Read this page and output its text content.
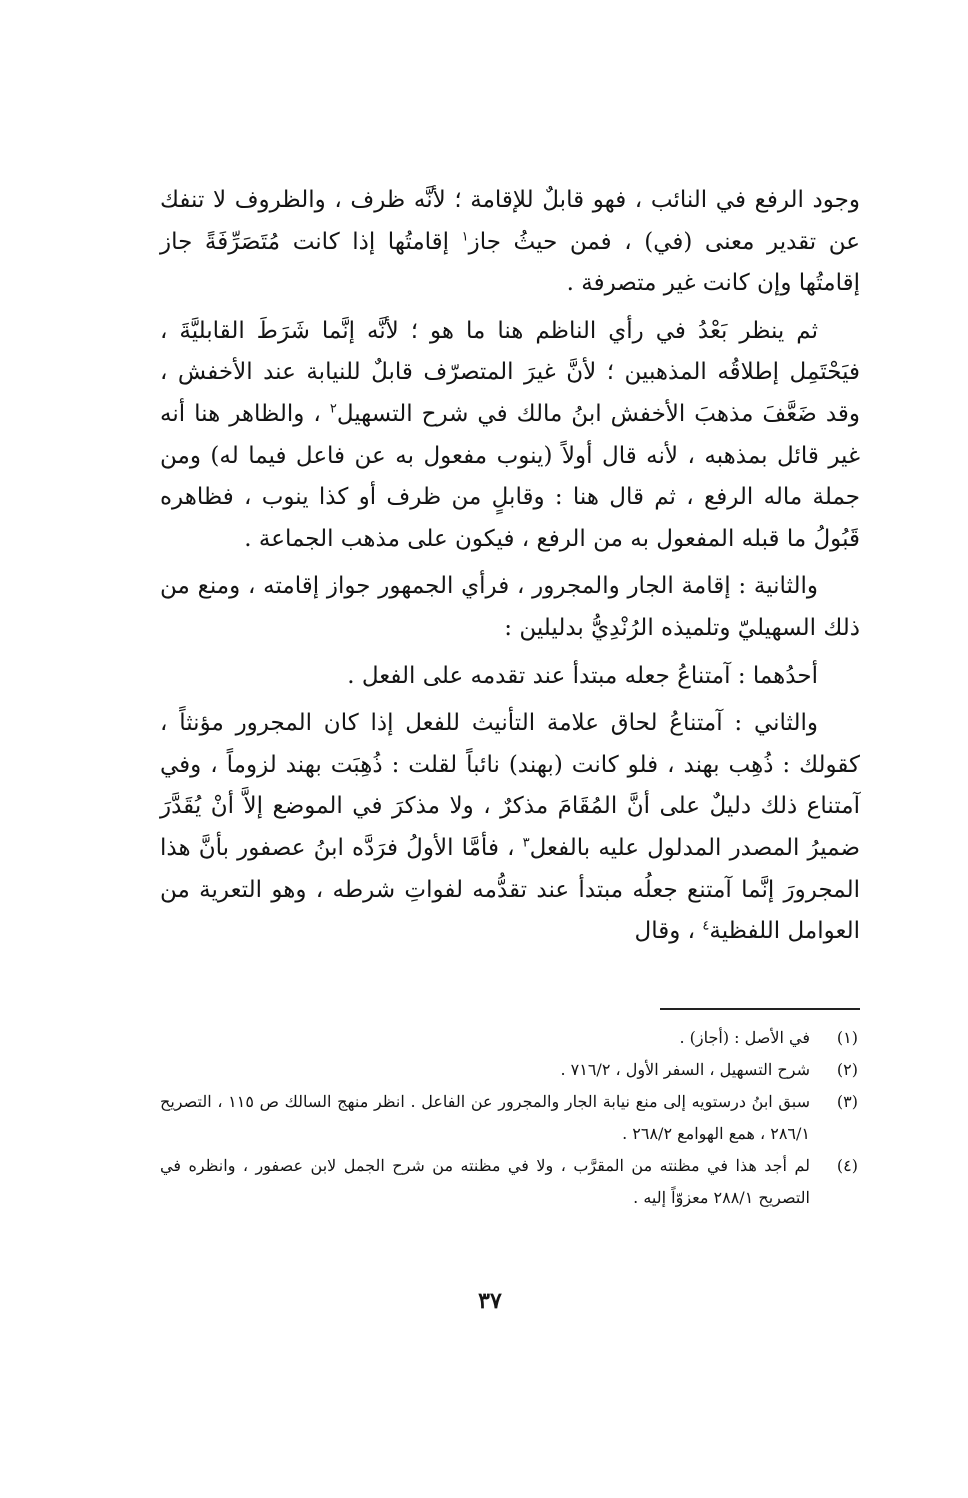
وجود الرفع في النائب ، فهو قابلٌ للإقامة ؛ لأنَّه ظرف ، والظروف لا تنفك عن تقدير معنى (في) ، فمن حيثُ جاز$^١$ إقامتُها إذا كانت مُتَصَرِّفَةً جاز إقامتُها وإن كانت غير متصرفة .

ثم ينظر بَعْدُ في رأي الناظم هنا ما هو ؛ لأنَّه إنَّما شَرَطَ القابليَّةَ ، فيَحْتَمِل إطلاقُه المذهبين ؛ لأنَّ غيرَ المتصرّف قابلٌ للنيابة عند الأخفش ، وقد ضَعَّفَ مذهبَ الأخفش ابنُ مالك في شرح التسهيل$^٢$ ، والظاهر هنا أنه غير قائل بمذهبه ، لأنه قال أولاً (ينوب مفعول به عن فاعل فيما له) ومن جملة ماله الرفع ، ثم قال هنا : وقابلٍ من ظرف أو كذا ينوب ، فظاهره قَبُولُ ما قبله المفعول به من الرفع ، فيكون على مذهب الجماعة .

والثانية : إقامة الجار والمجرور ، فرأي الجمهور جواز إقامته ، ومنع من ذلك السهيليّ وتلميذه الرُنْدِيُّ بدليلين :

أحدُهما : آمتناعُ جعله مبتدأ عند تقدمه على الفعل .

والثاني : آمتناعُ لحاق علامة التأنيث للفعل إذا كان المجرور مؤنثاً ، كقولك : ذُهِب بهند ، فلو كانت (بهند) نائباً لقلت : ذُهِبَت بهند لزوماً ، وفي آمتناع ذلك دليلٌ على أنَّ المُقَامَ مذكرٌ ، ولا مذكرَ في الموضع إلاَّ أنْ يُقَدَّرَ ضميرُ المصدر المدلول عليه بالفعل$^٣$ ، فأمَّا الأولُ فرَدَّه ابنُ عصفور بأنَّ هذا المجرورَ إنَّما آمتنع جعلُه مبتدأ عند تقدُّمه لفواتِ شرطه ، وهو التعرية من العوامل اللفظية$^٤$ ، وقال

(١)
في الأصل : (أجاز) .
(٢)
شرح التسهيل ، السفر الأول ، ٧١٦/٢ .
(٣)
سبق ابنُ درستويه إلى منع نيابة الجار والمجرور عن الفاعل . انظر منهج السالك ص ١١٥ ، التصريح ٢٨٦/١ ، همع الهوامع ٢٦٨/٢ .
(٤)
لم أجد هذا في مظنته من المقرَّب ، ولا في مظنته من شرح الجمل لابن عصفور ، وانظره في التصريح ٢٨٨/١ معزوّاً إليه .
٣٧
